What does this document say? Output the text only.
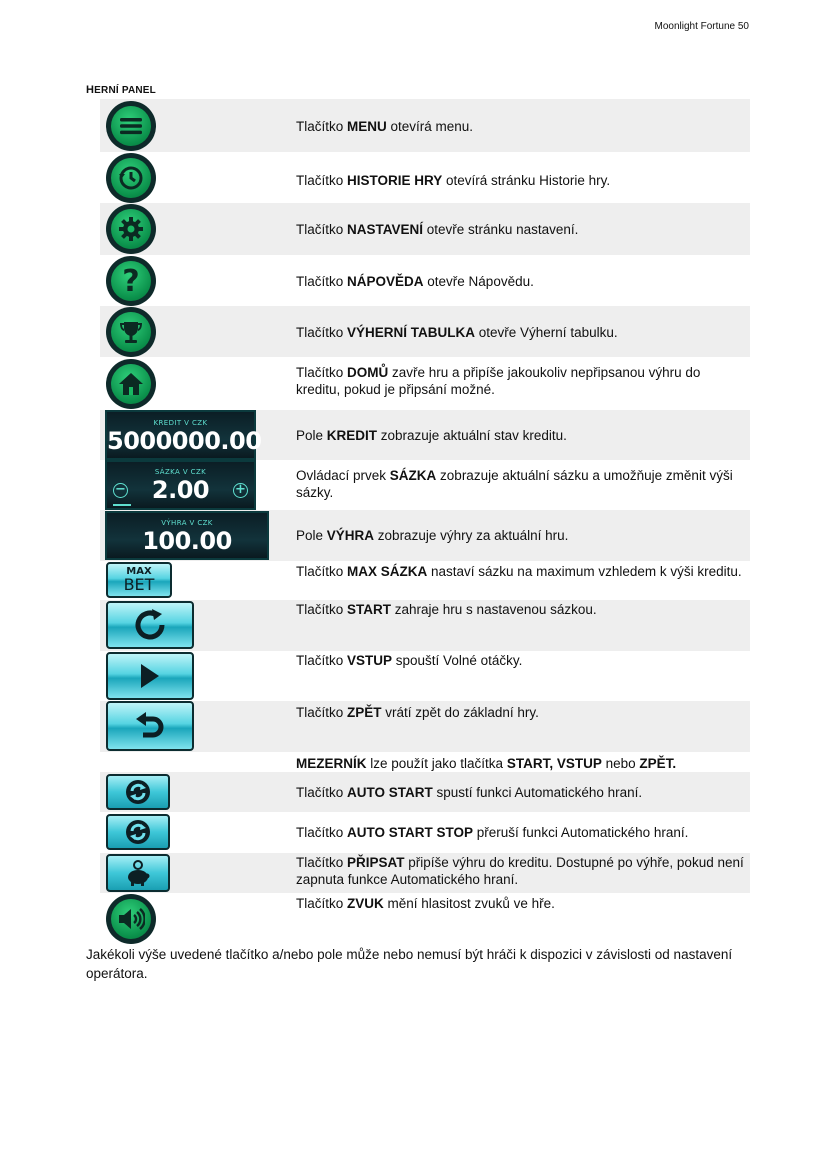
Moonlight Fortune 50
HERNÍ PANEL
Tlačítko MENU otevírá menu.
Tlačítko HISTORIE HRY otevírá stránku Historie hry.
Tlačítko NASTAVENÍ otevře stránku nastavení.
?	Tlačítko NÁPOVĚDA otevře Nápovědu.
Tlačítko VÝHERNÍ TABULKA otevře Výherní tabulku.
Tlačítko DOMŮ zavře hru a připíše jakoukoliv nepřipsanou výhru do kreditu, pokud je připsání možné.
KREDIT V CZK
5000000.00	Pole KREDIT zobrazuje aktuální stav kreditu.
SÁZKA V CZK
2.00
−	+
Ovládací prvek SÁZKA zobrazuje aktuální sázku a umožňuje změnit výši sázky.
VÝHRA V CZK
100.00	Pole VÝHRA zobrazuje výhry za aktuální hru.
MAX
BET
Tlačítko MAX SÁZKA nastaví sázku na maximum vzhledem k výši kreditu.
Tlačítko START zahraje hru s nastavenou sázkou.
Tlačítko VSTUP spouští Volné otáčky.
Tlačítko ZPĚT vrátí zpět do základní hry.
MEZERNÍK lze použít jako tlačítka START, VSTUP nebo ZPĚT.
Tlačítko AUTO START spustí funkci Automatického hraní.
Tlačítko AUTO START STOP přeruší funkci Automatického hraní.
Tlačítko PŘIPSAT připíše výhru do kreditu. Dostupné po výhře, pokud není zapnuta funkce Automatického hraní.
Tlačítko ZVUK mění hlasitost zvuků ve hře.
Jakékoli výše uvedené tlačítko a/nebo pole může nebo nemusí být hráči k dispozici v závislosti od nastavení operátora.
